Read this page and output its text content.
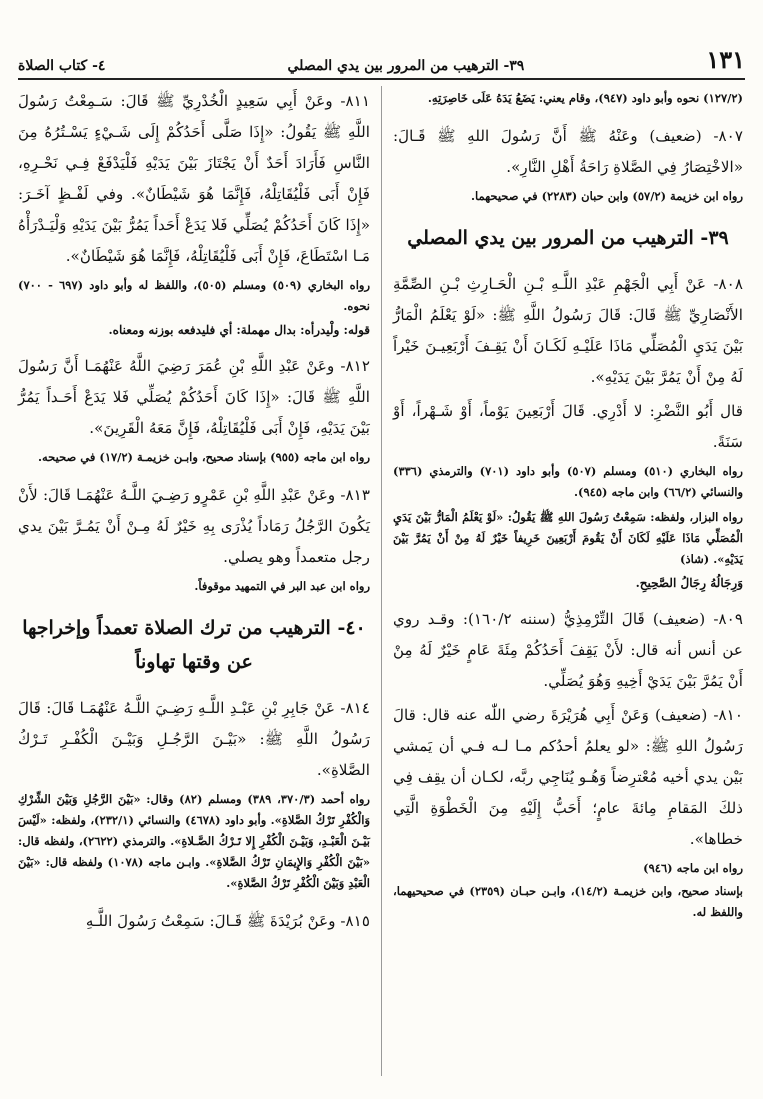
١٣١
٣٩- الترهيب من المرور بين يدي المصلي
٤- كتاب الصلاة

(١٢٧/٢) نحوه وأبو داود (٩٤٧)، وقام يعني: يَضَعُ يَدَهُ عَلَى خَاصِرَتِهِ.

٨٠٧- (ضعيف) وعَنْهُ ﷺ أَنَّ رَسُولَ اللهِ ﷺ قَـالَ: «الاخْتِصَارُ فِي الصَّلاةِ رَاحَةُ أَهْلِ النَّارِ».

رواه ابن خزيمة (٥٧/٢) وابن حبان (٢٢٨٣) في صحيحهما.

٣٩- الترهيب من المرور بين يدي المصلي

٨٠٨- عَنْ أَبِي الْجَهْمِ عَبْدِ اللَّـهِ بْـنِ الْحَـارِثِ بْـنِ الصِّمَّةِ الأَنْصَارِيِّ ﷺ قَالَ: قَالَ رَسُولُ اللَّهِ ﷺ: «لَوْ يَعْلَمُ الْمَارُّ بَيْنَ يَدَيِ الْمُصَلِّي مَاذَا عَلَيْـهِ لَكَـانَ أَنْ يَقِـفَ أَرْبَعِيـنَ خَيْراً لَهُ مِنْ أَنْ يَمُرَّ بَيْنَ يَدَيْهِ».

قال أَبُو النَّضْرِ: لا أَدْرِي. قَالَ أَرْبَعِينَ يَوْماً، أَوْ شَـهْراً، أَوْ سَنَةً.

رواه البخاري (٥١٠) ومسلم (٥٠٧) وأبو داود (٧٠١) والترمذي (٣٣٦) والنسائي (٦٦/٢) وابن ماجه (٩٤٥).

رواه البزار، ولفظه: سَمِعْتُ رَسُولَ اللهِ ﷺ يَقُولُ: «لَوْ يَعْلَمُ الْمَارُّ بَيْنَ يَدَيِ الْمُصَلِّي مَاذَا عَلَيْهِ لَكَانَ أَنْ يَقُومَ أَرْبَعِينَ خَرِيفاً خَيْرٌ لَهُ مِنْ أَنْ يَمُرَّ بَيْنَ يَدَيْهِ». (شاذ)

وَرِجَالُهُ رِجَالُ الصَّحِيحِ.

٨٠٩- (ضعيف) قَالَ التِّرْمِذِيُّ (سننه ١٦٠/٢): وقـد روي عن أنس أنه قال: لأَنْ يَقِفَ أَحَدُكُمْ مِئَةَ عَامٍ خَيْرٌ لَهُ مِنْ أَنْ يَمُرَّ بَيْنَ يَدَيْ أَخِيهِ وَهُوَ يُصَلِّي.

٨١٠- (ضعيف) وَعَنْ أَبِي هُرَيْرَةَ رضي اللّٰه عنه قال: قالَ رَسُولُ اللهِ ﷺ: «لو يعلمُ أحدُكم مـا لـه فـي أن يَمشي بَيْن يدي أخيه مُعْترِضاً وَهُـو يُنَاجِي ربَّه، لكـان أن يقِف فِي ذلكَ المَقامِ مِائةَ عامٍ؛ أَحَبُّ إِلَيْهِ مِنَ الْخَطْوَةِ الَّتِي خطاها».

رواه ابن ماجه (٩٤٦)

بإسناد صحيح، وابن خزيمـة (١٤/٢)، وابـن حبـان (٢٣٥٩) في صحيحيهما، واللفظ له.

٨١١- وعَنْ أَبِي سَعِيدٍ الْخُدْرِيِّ ﷺ قَالَ: سَـمِعْتُ رَسُولَ اللَّهِ ﷺ يَقُولُ: «إِذَا صَلَّى أَحَدُكُمْ إِلَى شَـيْءٍ يَسْـتُرُهُ مِنَ النَّاسِ فَأَرَادَ أَحَدٌ أَنْ يَجْتَازَ بَيْنَ يَدَيْهِ فَلْيَدْفَعْ فِـي نَحْـرِهِ، فَإِنْ أَبَى فَلْيُقَاتِلْهُ، فَإِنَّمَا هُوَ شَيْطَانٌ». وفي لَفْـظٍ آخَـرَ: «إِذَا كَانَ أَحَدُكُمْ يُصَلِّي فَلا يَدَعْ أَحَداً يَمُرُّ بَيْنَ يَدَيْهِ وَلْيَـدْرَأْهُ مَـا اسْتَطَاعَ، فَإِنْ أَبَى فَلْيُقَاتِلْهُ، فَإِنَّمَا هُوَ شَيْطَانٌ».

رواه البخاري (٥٠٩) ومسلم (٥٠٥)، واللفظ له وأبو داود (٦٩٧ - ٧٠٠) نحوه.

قوله: ولْيدرأه: بدال مهملة: أي فليدفعه بوزنه ومعناه.

٨١٢- وعَنْ عَبْدِ اللَّهِ بْنِ عُمَرَ رَضِيَ اللَّهُ عَنْهُمَـا أَنَّ رَسُولَ اللَّهِ ﷺ قَالَ: «إِذَا كَانَ أَحَدُكُمْ يُصَلِّي فَلا يَدَعْ أَحَـداً يَمُرُّ بَيْنَ يَدَيْهِ، فَإِنْ أَبَى فَلْيُقَاتِلْهُ، فَإِنَّ مَعَهُ الْقَرِينَ».

رواه ابن ماجه (٩٥٥) بإسناد صحيح، وابـن خزيمـة (١٧/٢) في صحيحه.

٨١٣- وعَنْ عَبْدِ اللَّهِ بْنِ عَمْرٍو رَضِـيَ اللَّـهُ عَنْهُمَـا قَالَ: لأَنْ يَكُونَ الرَّجُلُ رَمَاداً يُذْرَى بِهِ خَيْرٌ لَهُ مِـنْ أَنْ يَمُـرَّ بَيْنَ يدي رجل متعمداً وهو يصلي.

رواه ابن عبد البر في التمهيد موقوفاً.

٤٠- الترهيب من ترك الصلاة تعمداً وإخراجها عن وقتها تهاوناً

٨١٤- عَنْ جَابِرِ بْنِ عَبْـدِ اللَّـهِ رَضِـيَ اللَّـهُ عَنْهُمَـا قَالَ: قَالَ رَسُولُ اللَّهِ ﷺ: «بَيْـنَ الرَّجُـلِ وَبَيْـنَ الْكُفْـرِ تَـرْكُ الصَّلاةِ».

رواه أحمد (٣٧٠/٣، ٣٨٩) ومسلم (٨٢) وقال: «بَيْنَ الرَّجُلِ وَبَيْنَ الشِّرْكِ وَالْكُفْرِ تَرْكُ الصَّلاةِ». وأبو داود (٤٦٧٨) والنسائي (٢٣٢/١)، ولفظه: «لَيْسَ بَيْـنَ الْعَبْـدِ، وَبَيْـنَ الْكُفْرِ إِلا تَـرْكُ الصَّـلاةِ». والترمذي (٢٦٢٢)، ولفظه قال: «بَيْنَ الْكُفْرِ وَالإِيمَانِ تَرْكُ الصَّلاةِ». وابـن ماجه (١٠٧٨) ولفظه قال: «بَيْنَ الْعَبْدِ وَبَيْنَ الْكُفْرِ تَرْكُ الصَّلاةِ».

٨١٥- وعَنْ بُرَيْدَةَ ﷺ قَـالَ: سَمِعْتُ رَسُولَ اللَّـهِ
